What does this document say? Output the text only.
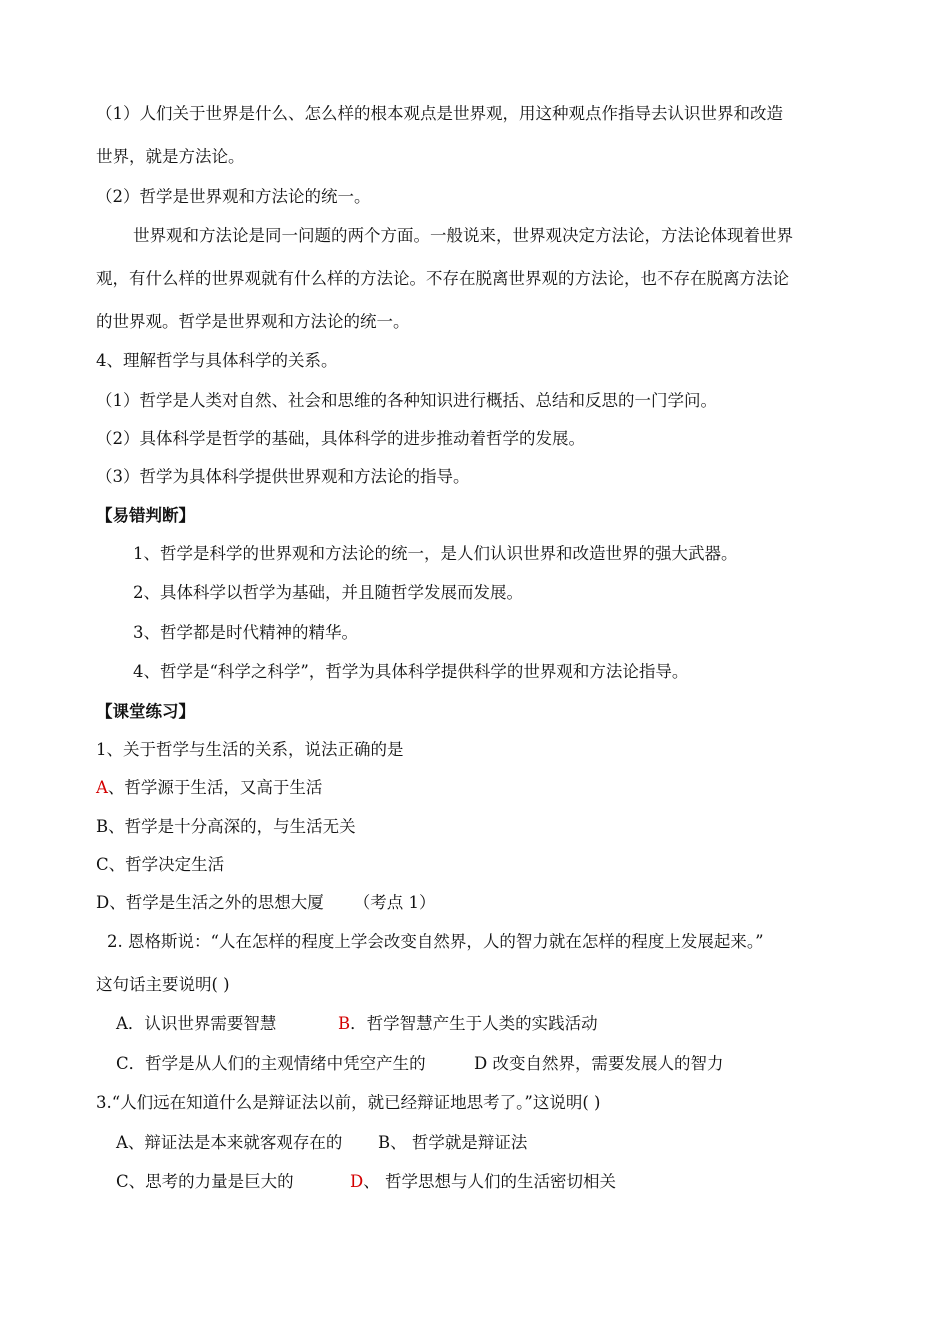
（1）人们关于世界是什么、怎么样的根本观点是世界观，用这种观点作指导去认识世界和改造
世界，就是方法论。
（2）哲学是世界观和方法论的统一。
世界观和方法论是同一问题的两个方面。一般说来，世界观决定方法论，方法论体现着世界
观，有什么样的世界观就有什么样的方法论。不存在脱离世界观的方法论，也不存在脱离方法论
的世界观。哲学是世界观和方法论的统一。
4、理解哲学与具体科学的关系。
（1）哲学是人类对自然、社会和思维的各种知识进行概括、总结和反思的一门学问。
（2）具体科学是哲学的基础，具体科学的进步推动着哲学的发展。
（3）哲学为具体科学提供世界观和方法论的指导。
【易错判断】
1、哲学是科学的世界观和方法论的统一，是人们认识世界和改造世界的强大武器。
2、具体科学以哲学为基础，并且随哲学发展而发展。
3、哲学都是时代精神的精华。
4、哲学是“科学之科学”，哲学为具体科学提供科学的世界观和方法论指导。
【课堂练习】
1、关于哲学与生活的关系，说法正确的是
A、哲学源于生活，又高于生活
B、哲学是十分高深的，与生活无关
C、哲学决定生活
D、哲学是生活之外的思想大厦 （考点 1）
2. 恩格斯说：“人在怎样的程度上学会改变自然界，人的智力就在怎样的程度上发展起来。”
这句话主要说明( )
A．认识世界需要智慧	B．哲学智慧产生于人类的实践活动
C．哲学是从人们的主观情绪中凭空产生的	D 改变自然界，需要发展人的智力
3.“人们远在知道什么是辩证法以前，就已经辩证地思考了。”这说明( )
A、辩证法是本来就客观存在的 B、 哲学就是辩证法
C、思考的力量是巨大的	D、 哲学思想与人们的生活密切相关
